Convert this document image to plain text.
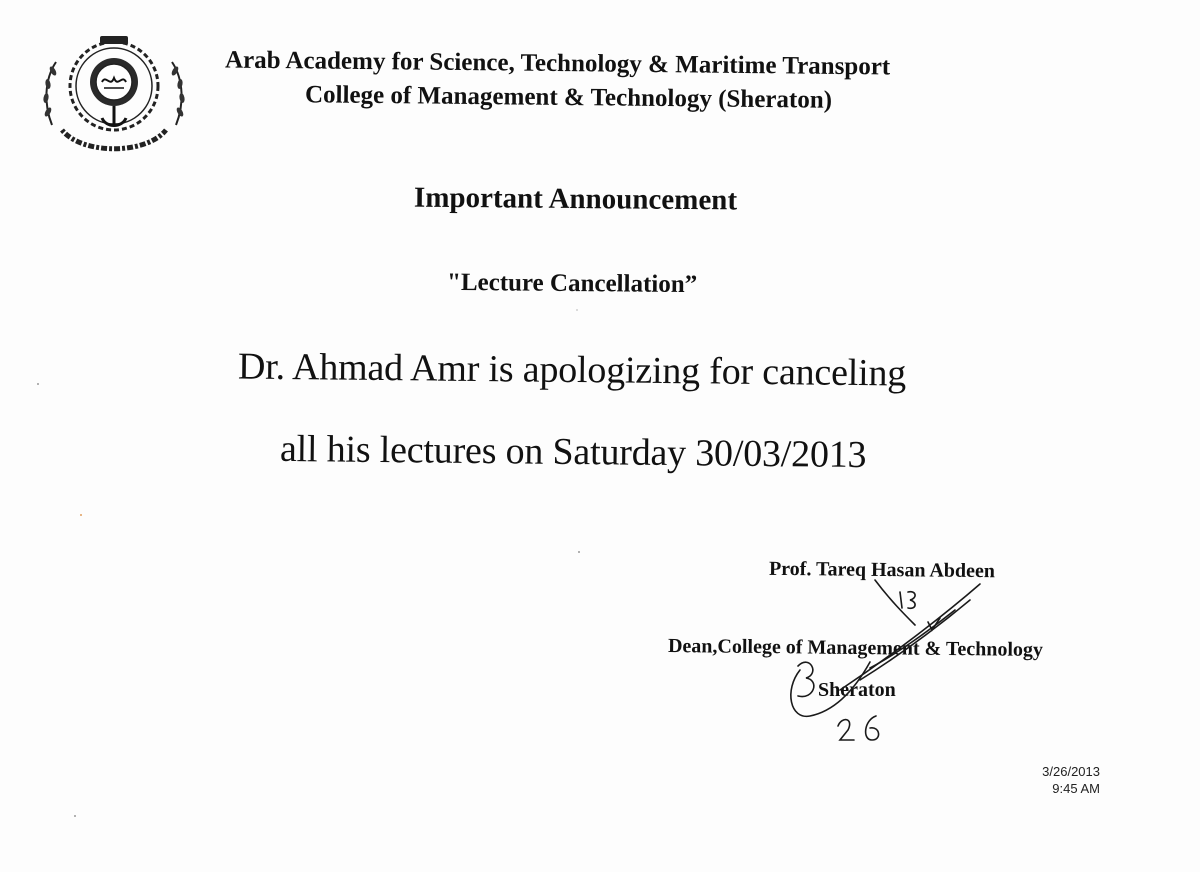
Arab Academy for Science, Technology & Maritime Transport
College of Management & Technology (Sheraton)
Important Announcement
"Lecture Cancellation”
Dr. Ahmad Amr is apologizing for canceling
all his lectures on Saturday 30/03/2013
Prof. Tareq Hasan Abdeen
Dean,College of Management & Technology
Sheraton
3/26/2013
9:45 AM
